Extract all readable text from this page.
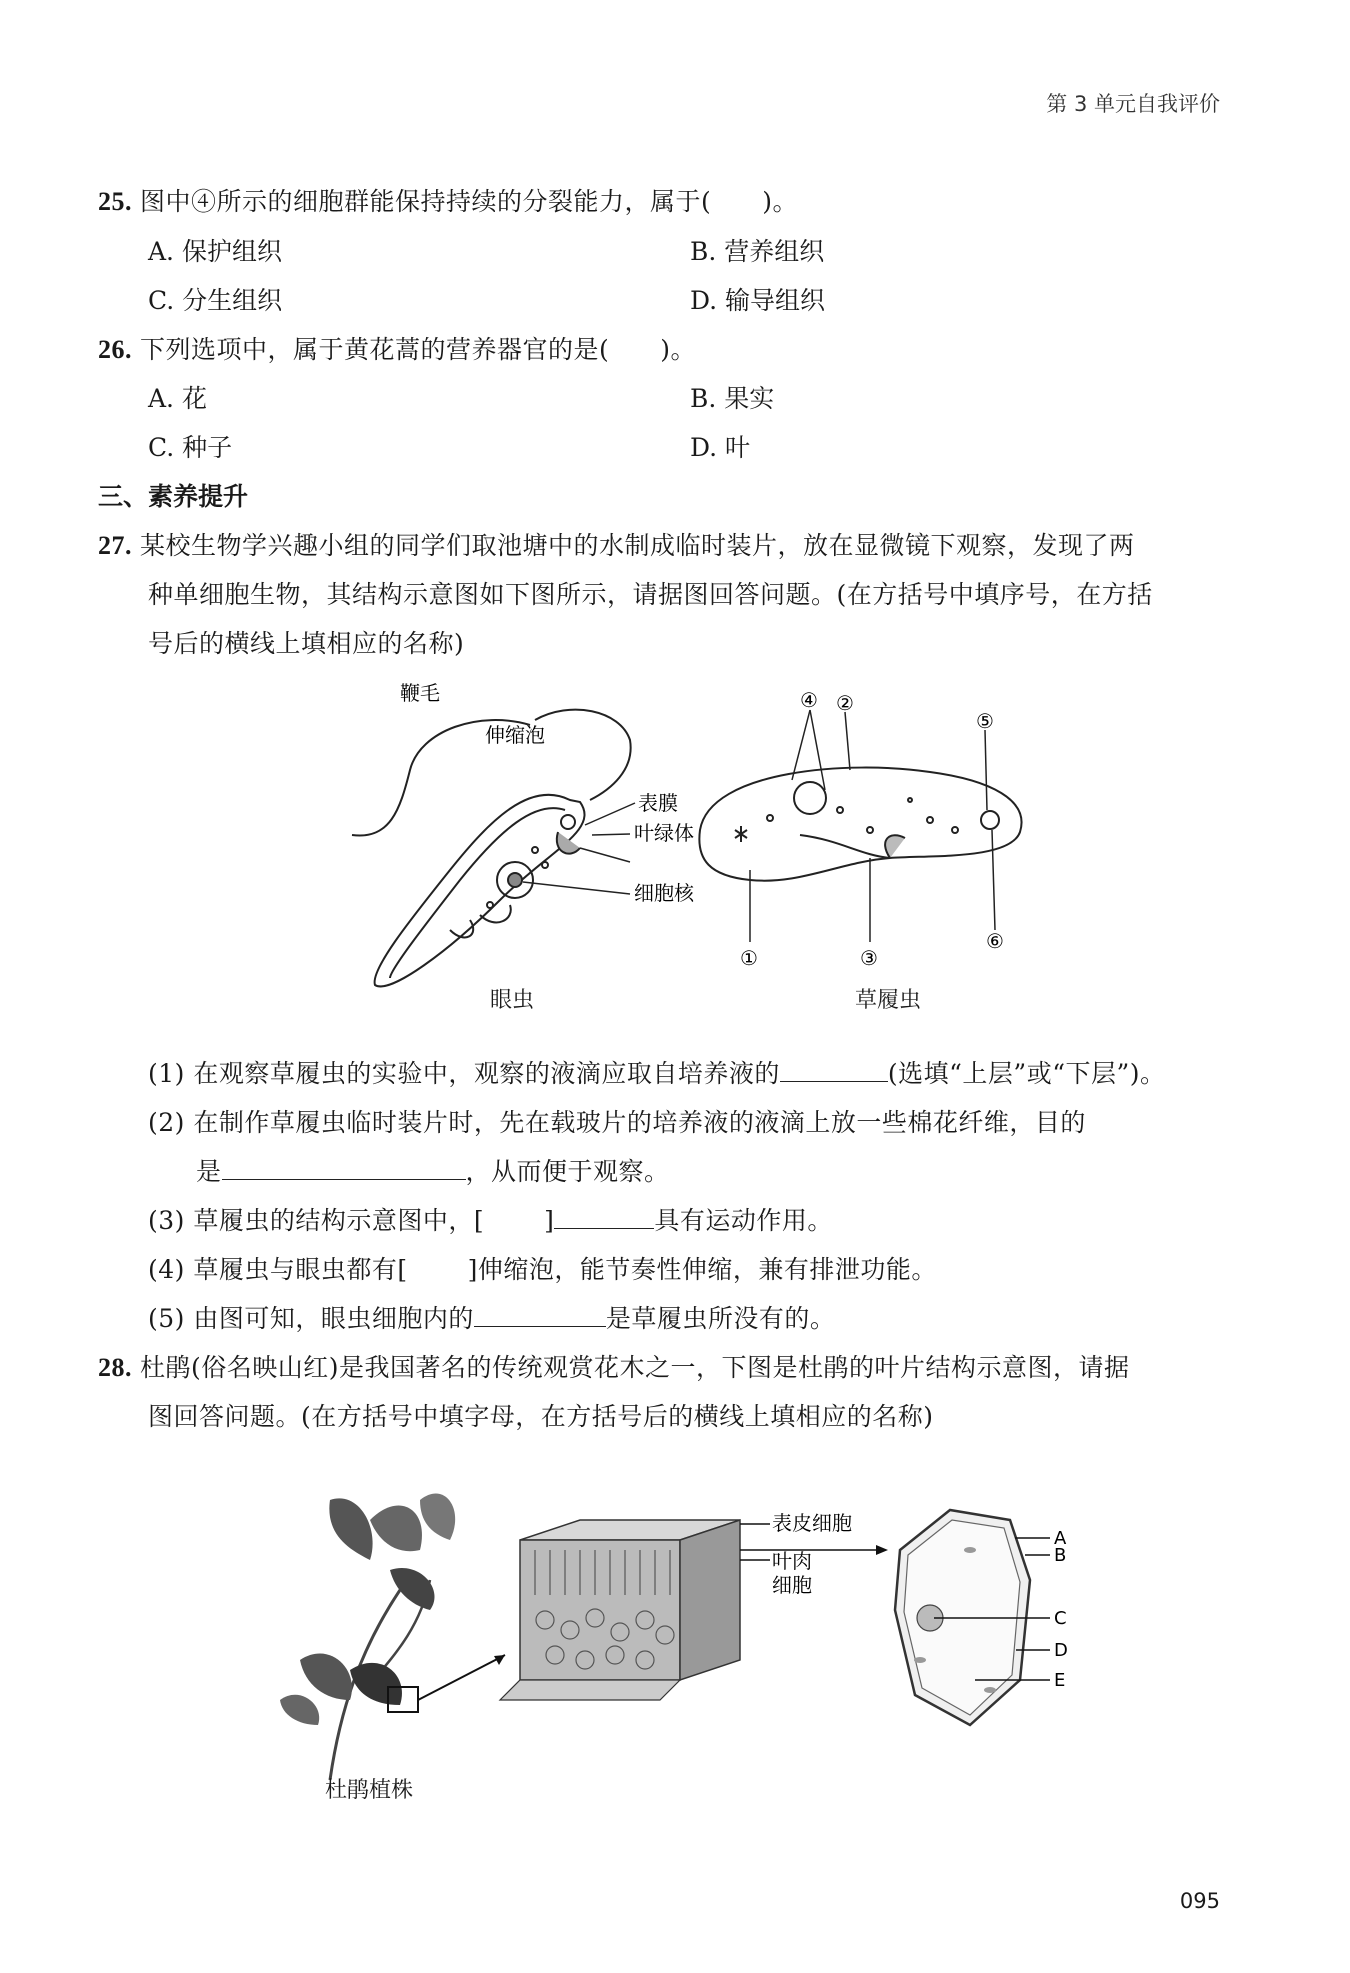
第 3 单元自我评价
25. 图中④所示的细胞群能保持持续的分裂能力，属于(　　)。
A. 保护组织	B. 营养组织
C. 分生组织	D. 输导组织
26. 下列选项中，属于黄花蒿的营养器官的是(　　)。
A. 花	B. 果实
C. 种子	D. 叶
三、素养提升
27. 某校生物学兴趣小组的同学们取池塘中的水制成临时装片，放在显微镜下观察，发现了两
种单细胞生物，其结构示意图如下图所示，请据图回答问题。(在方括号中填序号，在方括
号后的横线上填相应的名称)
鞭毛
伸缩泡
表膜
叶绿体
细胞核
④ ②
⑤
①	③
⑥
眼虫	草履虫
(1) 在观察草履虫的实验中，观察的液滴应取自培养液的	(选填“上层”或“下层”)。
(2) 在制作草履虫临时装片时，先在载玻片的培养液的液滴上放一些棉花纤维，目的
是	，从而便于观察。
(3) 草履虫的结构示意图中，[ ]	具有运动作用。
(4) 草履虫与眼虫都有[ ]伸缩泡，能节奏性伸缩，兼有排泄功能。
(5) 由图可知，眼虫细胞内的	是草履虫所没有的。
28. 杜鹃(俗名映山红)是我国著名的传统观赏花木之一，下图是杜鹃的叶片结构示意图，请据
图回答问题。(在方括号中填字母，在方括号后的横线上填相应的名称)
表皮细胞
叶肉
细胞
A
B
C
D
E
杜鹃植株
095
